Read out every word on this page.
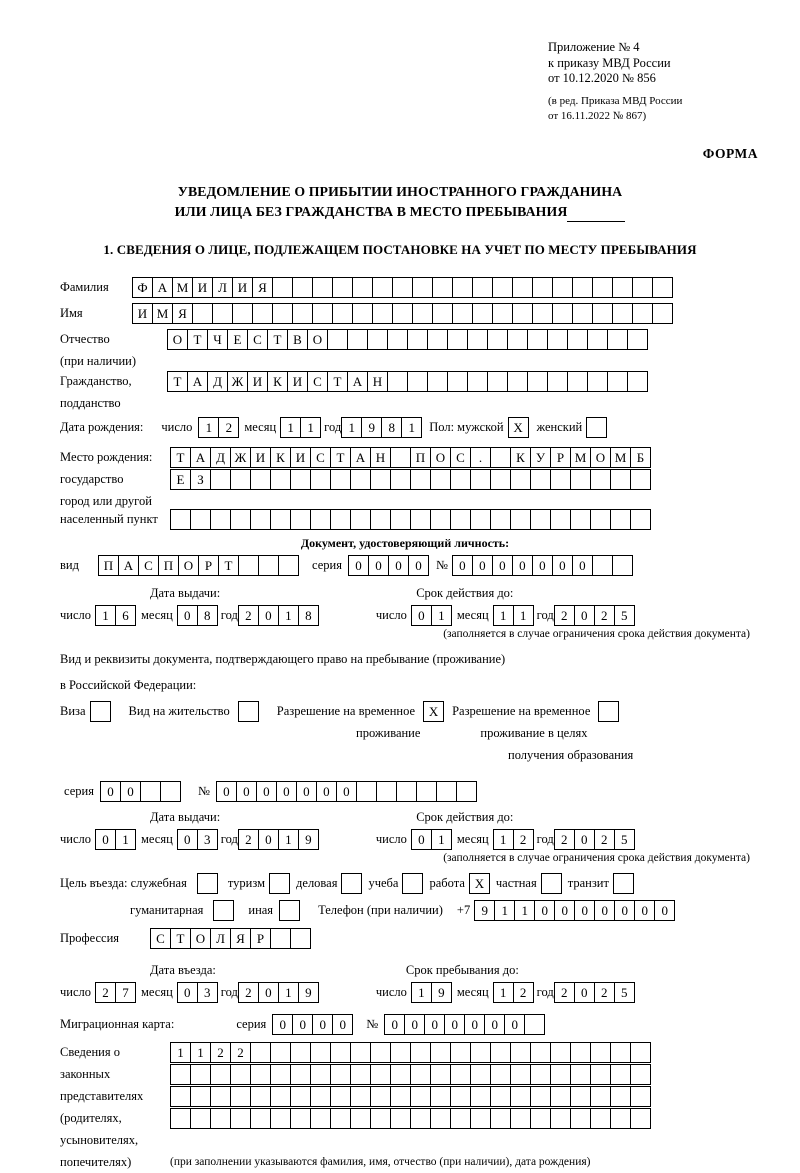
Приложение № 4
к приказу МВД России
от 10.12.2020 № 856
(в ред. Приказа МВД России
от 16.11.2022 № 867)
ФОРМА
УВЕДОМЛЕНИЕ О ПРИБЫТИИ ИНОСТРАННОГО ГРАЖДАНИНА
ИЛИ ЛИЦА БЕЗ ГРАЖДАНСТВА В МЕСТО ПРЕБЫВАНИЯ
1. СВЕДЕНИЯ О ЛИЦЕ, ПОДЛЕЖАЩЕМ ПОСТАНОВКЕ НА УЧЕТ ПО МЕСТУ ПРЕБЫВАНИЯ
Фамилия	Ф А М И Л И Я
Имя	И М Я
Отчество	О Т Ч Е С Т В О
(при наличии)
Гражданство,	Т А Д Ж И К И С Т А Н
подданство
Дата рождения: число	1	2 месяц 1	1 год 1	9	8	1	Пол: мужской X	женский
Место рождения:	Т А Д Ж И К И С Т А Н	П О С	.	К У Р М О М Б
государство	Е З
город или другой
населенный пункт
Документ, удостоверяющий личность:
вид	П А С П О Р Т	серия	0	0	0	0	№ 0	0	0	0	0	0	0
Дата выдачи:	Срок действия до:
число 1	6 месяц 0	8 год 2	0	1	8	число 0	1 месяц 1	1 год 2	0	2	5
(заполняется в случае ограничения срока действия документа)
Вид и реквизиты документа, подтверждающего право на пребывание (проживание)
в Российской Федерации:
Виза	Вид на жительство	Разрешение на временное	X	Разрешение на временное
проживание	проживание в целях
получения образования
серия	0	0	№	0	0	0	0	0	0	0
Дата выдачи:	Срок действия до:
число 0	1 месяц 0	3 год 2	0	1	9	число 0	1 месяц 1	2 год 2	0	2	5
(заполняется в случае ограничения срока действия документа)
Цель въезда: служебная	туризм деловая учеба работа X частная транзит
гуманитарная	иная	Телефон (при наличии) +7 9	1	1	0	0	0	0	0	0	0
Профессия	С Т О Л Я Р
Дата въезда:	Срок пребывания до:
число 2	7 месяц 0	3 год 2	0	1	9	число 1	9 месяц 1	2 год 2	0	2	5
Миграционная карта:	серия	0	0	0	0	№	0	0	0	0	0	0	0
Сведения о	1	1	2	2
законных
представителях
(родителях,
усыновителях,
попечителях)	(при заполнении указываются фамилия, имя, отчество (при наличии), дата рождения)
